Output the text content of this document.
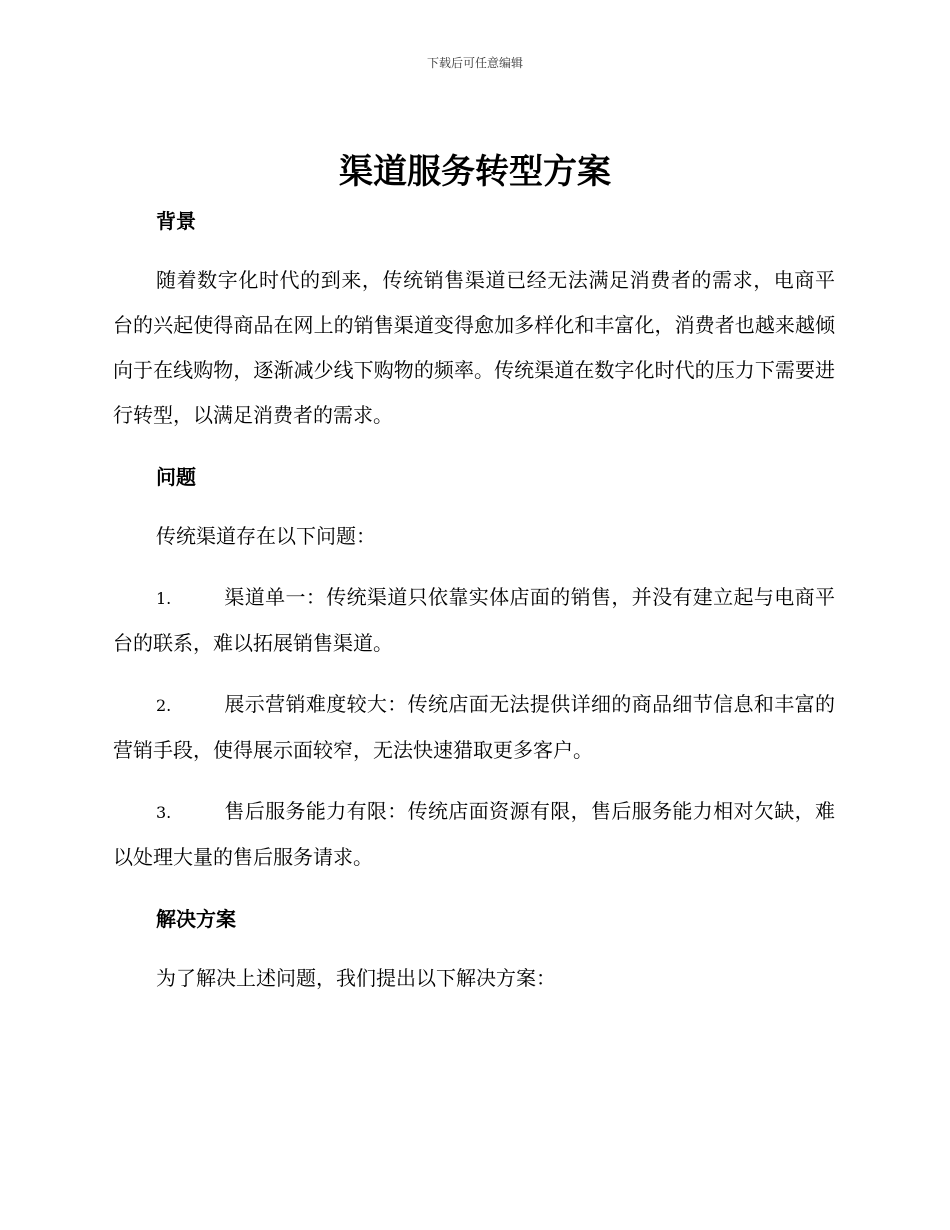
下载后可任意编辑
渠道服务转型方案
背景

随着数字化时代的到来，传统销售渠道已经无法满足消费者的需求，电商平台的兴起使得商品在网上的销售渠道变得愈加多样化和丰富化，消费者也越来越倾向于在线购物，逐渐减少线下购物的频率。传统渠道在数字化时代的压力下需要进行转型，以满足消费者的需求。

问题

传统渠道存在以下问题：

1.	渠道单一：传统渠道只依靠实体店面的销售，并没有建立起与电商平台的联系，难以拓展销售渠道。

2.	展示营销难度较大：传统店面无法提供详细的商品细节信息和丰富的营销手段，使得展示面较窄，无法快速猎取更多客户。

3.	售后服务能力有限：传统店面资源有限，售后服务能力相对欠缺，难以处理大量的售后服务请求。

解决方案

为了解决上述问题，我们提出以下解决方案：
